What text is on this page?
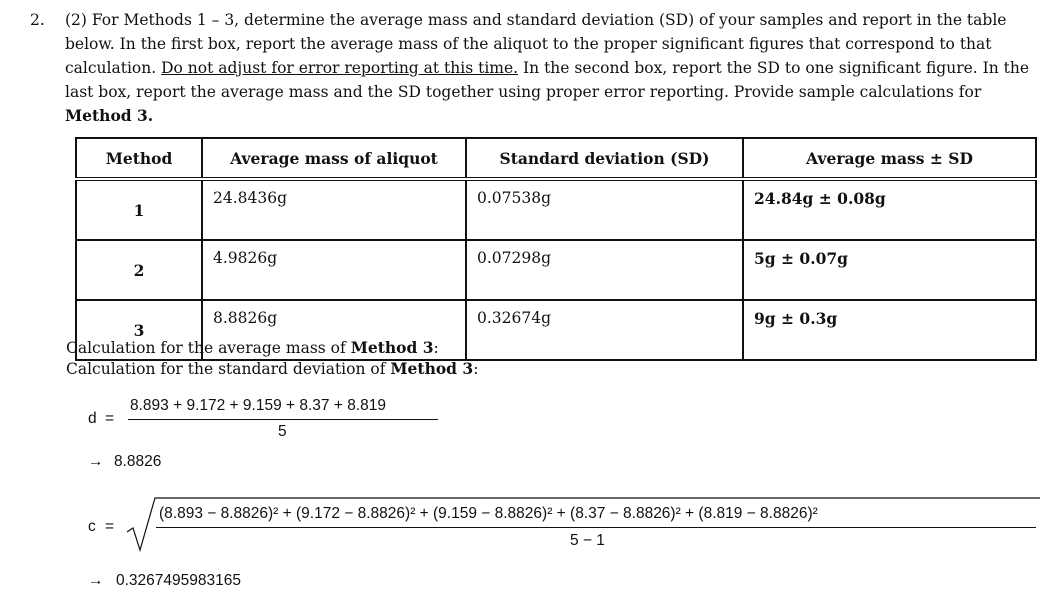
2. (2) For Methods 1 – 3, determine the average mass and standard deviation (SD) of your samples and report in the table below. In the first box, report the average mass of the aliquot to the proper significant figures that correspond to that calculation. Do not adjust for error reporting at this time. In the second box, report the SD to one significant figure. In the last box, report the average mass and the SD together using proper error reporting. Provide sample calculations for Method 3.
Method	Average mass of aliquot	Standard deviation (SD)	Average mass ± SD
1	24.8436g	0.07538g	24.84g ± 0.08g
2	4.9826g	0.07298g	5g ± 0.07g
3	8.8826g	0.32674g	9g ± 0.3g
Calculation for the average mass of Method 3:
Calculation for the standard deviation of Method 3:
d =
8.893 + 9.172 + 9.159 + 8.37 + 8.819
5
→ 8.8826
c =
(8.893 − 8.8826)² + (9.172 − 8.8826)² + (9.159 − 8.8826)² + (8.37 − 8.8826)² + (8.819 − 8.8826)²
5 − 1
→ 0.3267495983165
